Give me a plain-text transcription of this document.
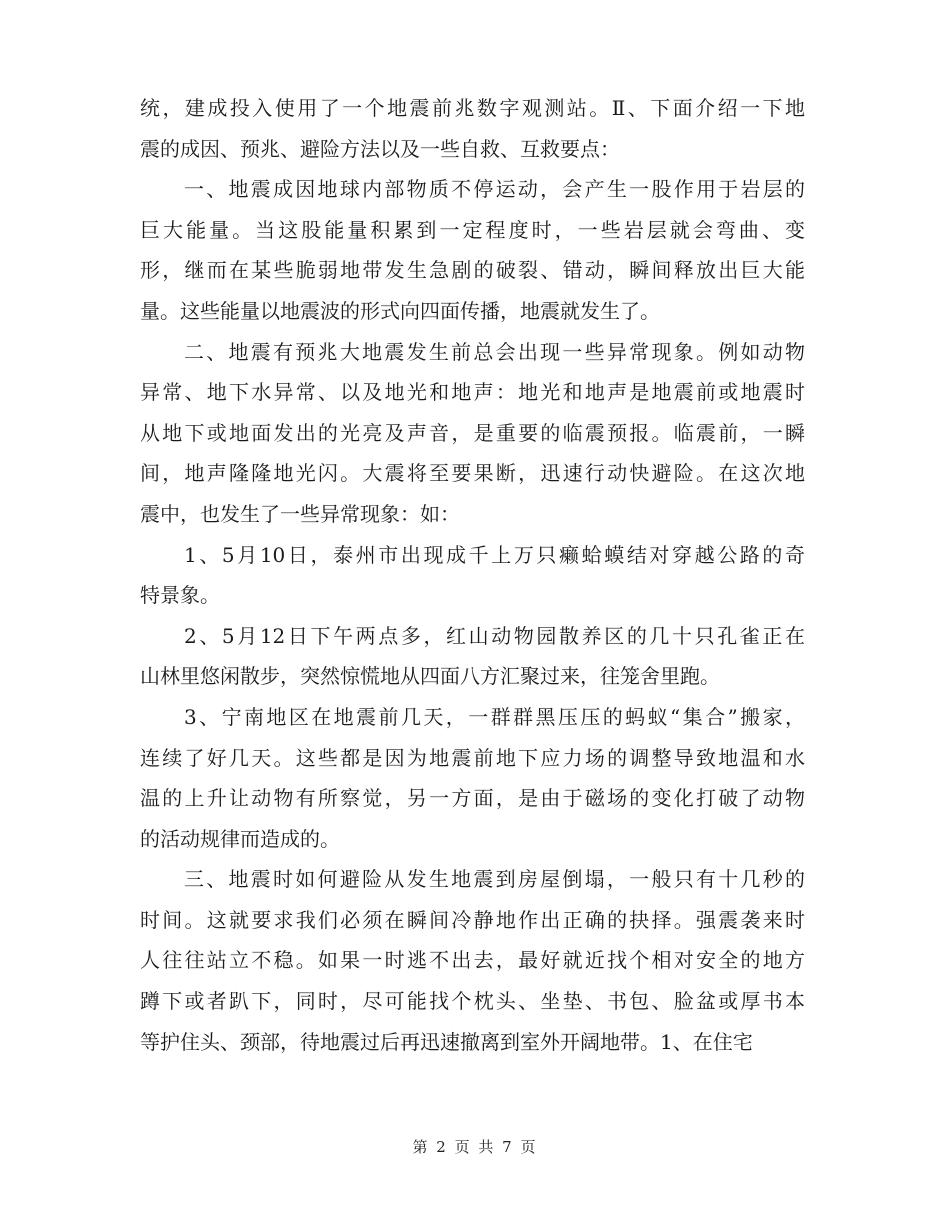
统，建成投入使用了一个地震前兆数字观测站。Ⅱ、下面介绍一下地
震的成因、预兆、避险方法以及一些自救、互救要点：
一、地震成因地球内部物质不停运动，会产生一股作用于岩层的
巨大能量。当这股能量积累到一定程度时，一些岩层就会弯曲、变
形，继而在某些脆弱地带发生急剧的破裂、错动，瞬间释放出巨大能
量。这些能量以地震波的形式向四面传播，地震就发生了。
二、地震有预兆大地震发生前总会出现一些异常现象。例如动物
异常、地下水异常、以及地光和地声：地光和地声是地震前或地震时
从地下或地面发出的光亮及声音，是重要的临震预报。临震前，一瞬
间，地声隆隆地光闪。大震将至要果断，迅速行动快避险。在这次地
震中，也发生了一些异常现象：如：
1、5月10日，泰州市出现成千上万只癞蛤蟆结对穿越公路的奇
特景象。
2、5月12日下午两点多，红山动物园散养区的几十只孔雀正在
山林里悠闲散步，突然惊慌地从四面八方汇聚过来，往笼舍里跑。
3、宁南地区在地震前几天，一群群黑压压的蚂蚁“集合”搬家，
连续了好几天。这些都是因为地震前地下应力场的调整导致地温和水
温的上升让动物有所察觉，另一方面，是由于磁场的变化打破了动物
的活动规律而造成的。
三、地震时如何避险从发生地震到房屋倒塌，一般只有十几秒的
时间。这就要求我们必须在瞬间冷静地作出正确的抉择。强震袭来时
人往往站立不稳。如果一时逃不出去，最好就近找个相对安全的地方
蹲下或者趴下，同时，尽可能找个枕头、坐垫、书包、脸盆或厚书本
等护住头、颈部，待地震过后再迅速撤离到室外开阔地带。1、在住宅
第 2 页 共 7 页
